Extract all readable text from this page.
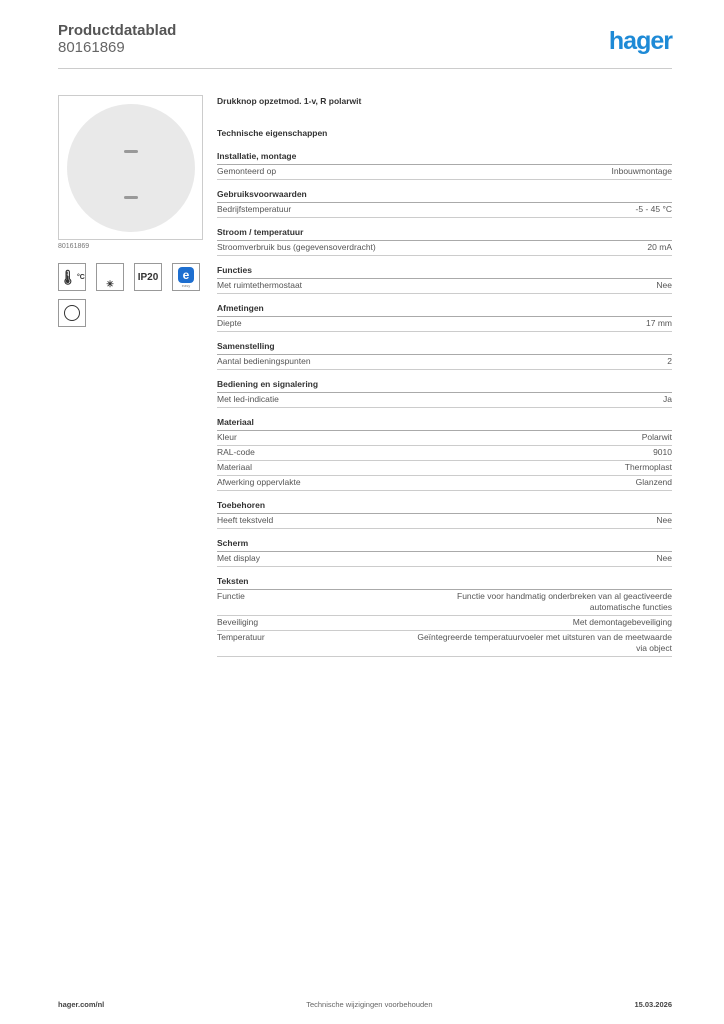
Productdatablad
80161869	hager
80161869
🌡 °C
✳
IP20	e
easy
Drukknop opzetmod. 1-v, R polarwit
Technische eigenschappen
Installatie, montage
Gemonteerd op	Inbouwmontage
Gebruiksvoorwaarden
Bedrijfstemperatuur	-5 - 45 °C
Stroom / temperatuur
Stroomverbruik bus (gegevensoverdracht)	20 mA
Functies
Met ruimtethermostaat	Nee
Afmetingen
Diepte	17 mm
Samenstelling
Aantal bedieningspunten	2
Bediening en signalering
Met led-indicatie	Ja
Materiaal
Kleur	Polarwit
RAL-code	9010
Materiaal	Thermoplast
Afwerking oppervlakte	Glanzend
Toebehoren
Heeft tekstveld	Nee
Scherm
Met display	Nee
Teksten
Functie	Functie voor handmatig onderbreken van al geactiveerde automatische functies
Beveiliging	Met demontagebeveiliging
Temperatuur	Geïntegreerde temperatuurvoeler met uitsturen van de meetwaarde via object
hager.com/nl	Technische wijzigingen voorbehouden	15.03.2026
